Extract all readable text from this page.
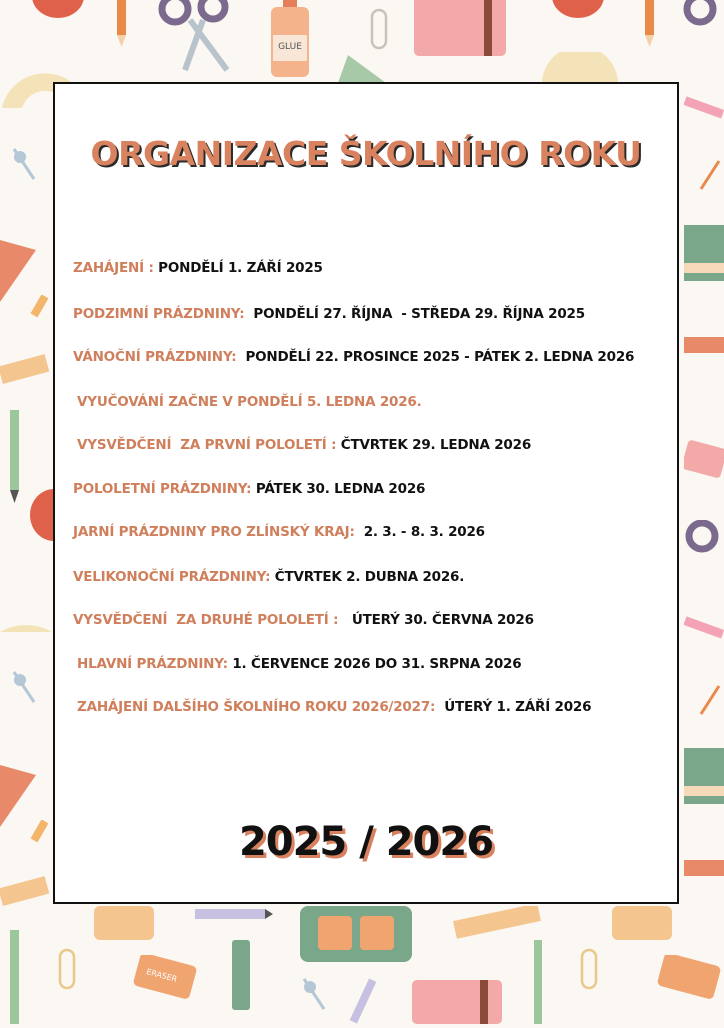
GLUE
ERASER
ORGANIZACE ŠKOLNÍHO ROKU
ZAHÁJENÍ : PONDĚLÍ 1. ZÁŘÍ 2025
PODZIMNÍ PRÁZDNINY:  PONDĚLÍ 27. ŘÍJNA  - STŘEDA 29. ŘÍJNA 2025
VÁNOČNÍ PRÁZDNINY:  PONDĚLÍ 22. PROSINCE 2025 - PÁTEK 2. LEDNA 2026
VYUČOVÁNÍ ZAČNE V PONDĚLÍ 5. LEDNA 2026.
VYSVĚDČENÍ  ZA PRVNÍ POLOLETÍ : ČTVRTEK 29. LEDNA 2026
POLOLETNÍ PRÁZDNINY: PÁTEK 30. LEDNA 2026
JARNÍ PRÁZDNINY PRO ZLÍNSKÝ KRAJ:  2. 3. - 8. 3. 2026
VELIKONOČNÍ PRÁZDNINY: ČTVRTEK 2. DUBNA 2026.
VYSVĚDČENÍ  ZA DRUHÉ POLOLETÍ :   ÚTERÝ 30. ČERVNA 2026
HLAVNÍ PRÁZDNINY: 1. ČERVENCE 2026 DO 31. SRPNA 2026
ZAHÁJENÍ DALŠÍHO ŠKOLNÍHO ROKU 2026/2027:  ÚTERÝ 1. ZÁŘÍ 2026
2025 / 2026
